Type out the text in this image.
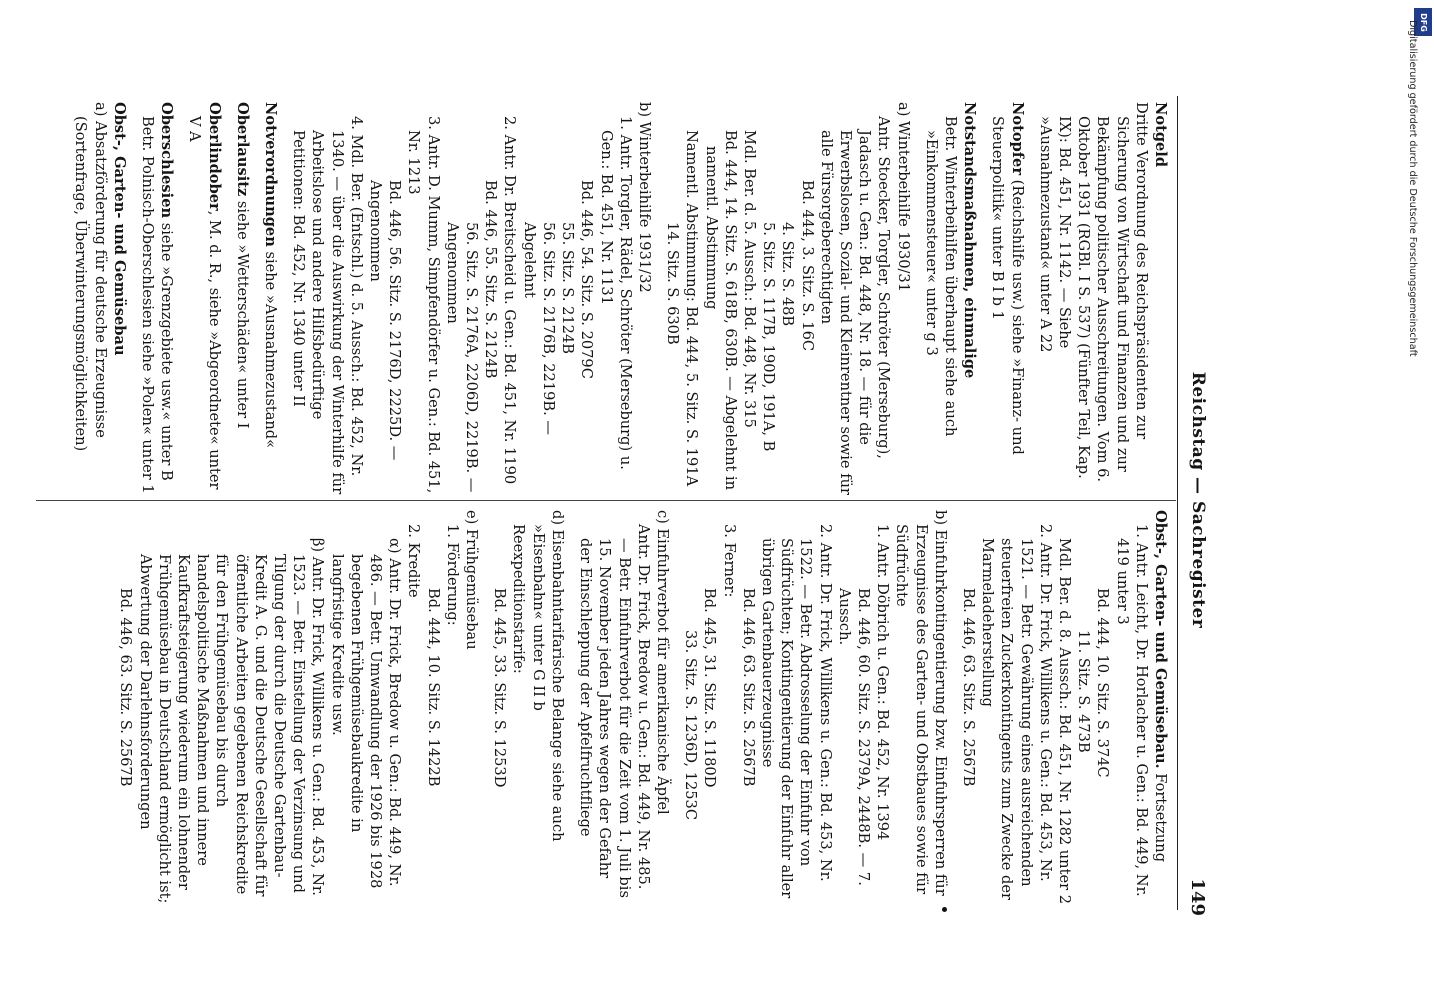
Reichstag — Sachregister
149

Notgeld

Dritte Verordnung des Reichspräsidenten zur Sicherung von Wirtschaft und Finanzen und zur Bekämpfung politischer Ausschreitungen. Vom 6. Oktober 1931 (RGBl. I S. 537) (Fünfter Teil, Kap. IX): Bd. 451, Nr. 1142. — Siehe »Ausnahmezustand« unter A 22

Notopfer (Reichshilfe usw.) siehe »Finanz- und Steuerpolitik« unter B I b 1

Notstandsmaßnahmen, einmalige

Betr. Winterbeihilfen überhaupt siehe auch »Einkommensteuer« unter g 3

a) Winterbeihilfe 1930/31

Antr. Stoecker, Torgler, Schröter (Merseburg), Jadasch u. Gen.: Bd. 448, Nr. 18. — für die Erwerbslosen, Sozial- und Kleinrentner sowie für alle Fürsorgeberechtigten

Bd. 444, 3. Sitz. S. 16C

4. Sitz. S. 48B

5. Sitz. S. 117B, 190D, 191A, B

Mdl. Ber. d. 5. Aussch.: Bd. 448, Nr. 315

Bd. 444, 14. Sitz. S. 618B, 630B. — Abgelehnt in namentl. Abstimmung

Namentl. Abstimmung: Bd. 444, 5. Sitz. S. 191A

14. Sitz. S. 630B

b) Winterbeihilfe 1931/32

1. Antr. Torgler, Rädel, Schröter (Merseburg) u. Gen.: Bd. 451, Nr. 1131

Bd. 446, 54. Sitz. S. 2079C

55. Sitz. S. 2124B

56. Sitz. S. 2176B, 2219B. — Abgelehnt

2. Antr. Dr. Breitscheid u. Gen.: Bd. 451, Nr. 1190

Bd. 446, 55. Sitz. S. 2124B

56. Sitz. S. 2176A, 2206D, 2219B. — Angenommen

3. Antr. D. Mumm, Simpfendörfer u. Gen.: Bd. 451, Nr. 1213

Bd. 446, 56. Sitz. S. 2176D, 2225D. — Angenommen

4. Mdl. Ber. (Entschl.) d. 5. Aussch.: Bd. 452, Nr. 1340. — über die Auswirkung der Winterhilfe für Arbeitslose und andere Hilfsbedürftige

Petitionen: Bd. 452, Nr. 1340 unter II

Notverordnungen siehe »Ausnahmezustand«

Oberlausitz siehe »Wetterschäden« unter I

Oberlindober, M. d. R., siehe »Abgeordnete« unter V A

Oberschlesien siehe »Grenzgebiete usw.« unter B

Betr. Polnisch-Oberschlesien siehe »Polen« unter 1

Obst-, Garten- und Gemüsebau

a) Absatzförderung für deutsche Erzeugnisse (Sortenfrage, Überwinterungsmöglichkeiten)

Obst-, Garten- und Gemüsebau. Fortsetzung

1. Antr. Leicht, Dr. Horlacher u. Gen.: Bd. 449, Nr. 419 unter 3

Bd. 444, 10. Sitz. S. 374C

11. Sitz. S. 473B

Mdl. Ber. d. 8. Aussch.: Bd. 451, Nr. 1282 unter 2

2. Antr. Dr. Frick, Willikens u. Gen.: Bd. 453, Nr. 1521. — Betr. Gewährung eines ausreichenden steuerfreien Zuckerkontingents zum Zwecke der Marmeladeherstellung

Bd. 446, 63. Sitz. S. 2567B

b) Einfuhrkontingentierung bzw. Einfuhrsperren für Erzeugnisse des Garten- und Obstbaues sowie für Südfrüchte

1. Antr. Döbrich u. Gen.: Bd. 452, Nr. 1394

Bd. 446, 60. Sitz. S. 2379A, 2448B. — 7. Aussch.

2. Antr. Dr. Frick, Willikens u. Gen.: Bd. 453, Nr. 1522. — Betr. Abdrosselung der Einfuhr von Südfrüchten; Kontingentierung der Einfuhr aller übrigen Gartenbauerzeugnisse

Bd. 446, 63. Sitz. S. 2567B

3. Ferner:

Bd. 445, 31. Sitz. S. 1180D

33. Sitz. S. 1236D, 1253C

c) Einfuhrverbot für amerikanische Äpfel

Antr. Dr. Frick, Bredow u. Gen.: Bd. 449, Nr. 485. — Betr. Einfuhrverbot für die Zeit vom 1. Juli bis 15. November jeden Jahres wegen der Gefahr der Einschleppung der Apfelfruchtfliege

d) Eisenbahntarifarische Belange siehe auch »Eisenbahn« unter G II b

Reexpeditionstarife:

Bd. 445, 33. Sitz. S. 1253D

e) Frühgemüsebau

1. Förderung:

Bd. 444, 10. Sitz. S. 1422B

2. Kredite

α) Antr. Dr. Frick, Bredow u. Gen.: Bd. 449, Nr. 486. — Betr. Umwandlung der 1926 bis 1928 begebenen Frühgemüsebaukredite in langfristige Kredite usw.

β) Antr. Dr. Frick, Willikens u. Gen.: Bd. 453, Nr. 1523. — Betr. Einstellung der Verzinsung und Tilgung der durch die Deutsche Gartenbau-Kredit A. G. und die Deutsche Gesellschaft für öffentliche Arbeiten gegebenen Reichskredite für den Frühgemüsebau bis durch handelspolitische Maßnahmen und innere Kaufkraftsteigerung wiederum ein lohnender Frühgemüsebau in Deutschland ermöglicht ist; Abwertung der Darlehnsforderungen

Bd. 446, 63. Sitz. S. 2567B

DFG
Digitalisierung gefördert durch die Deutsche Forschungsgemeinschaft
